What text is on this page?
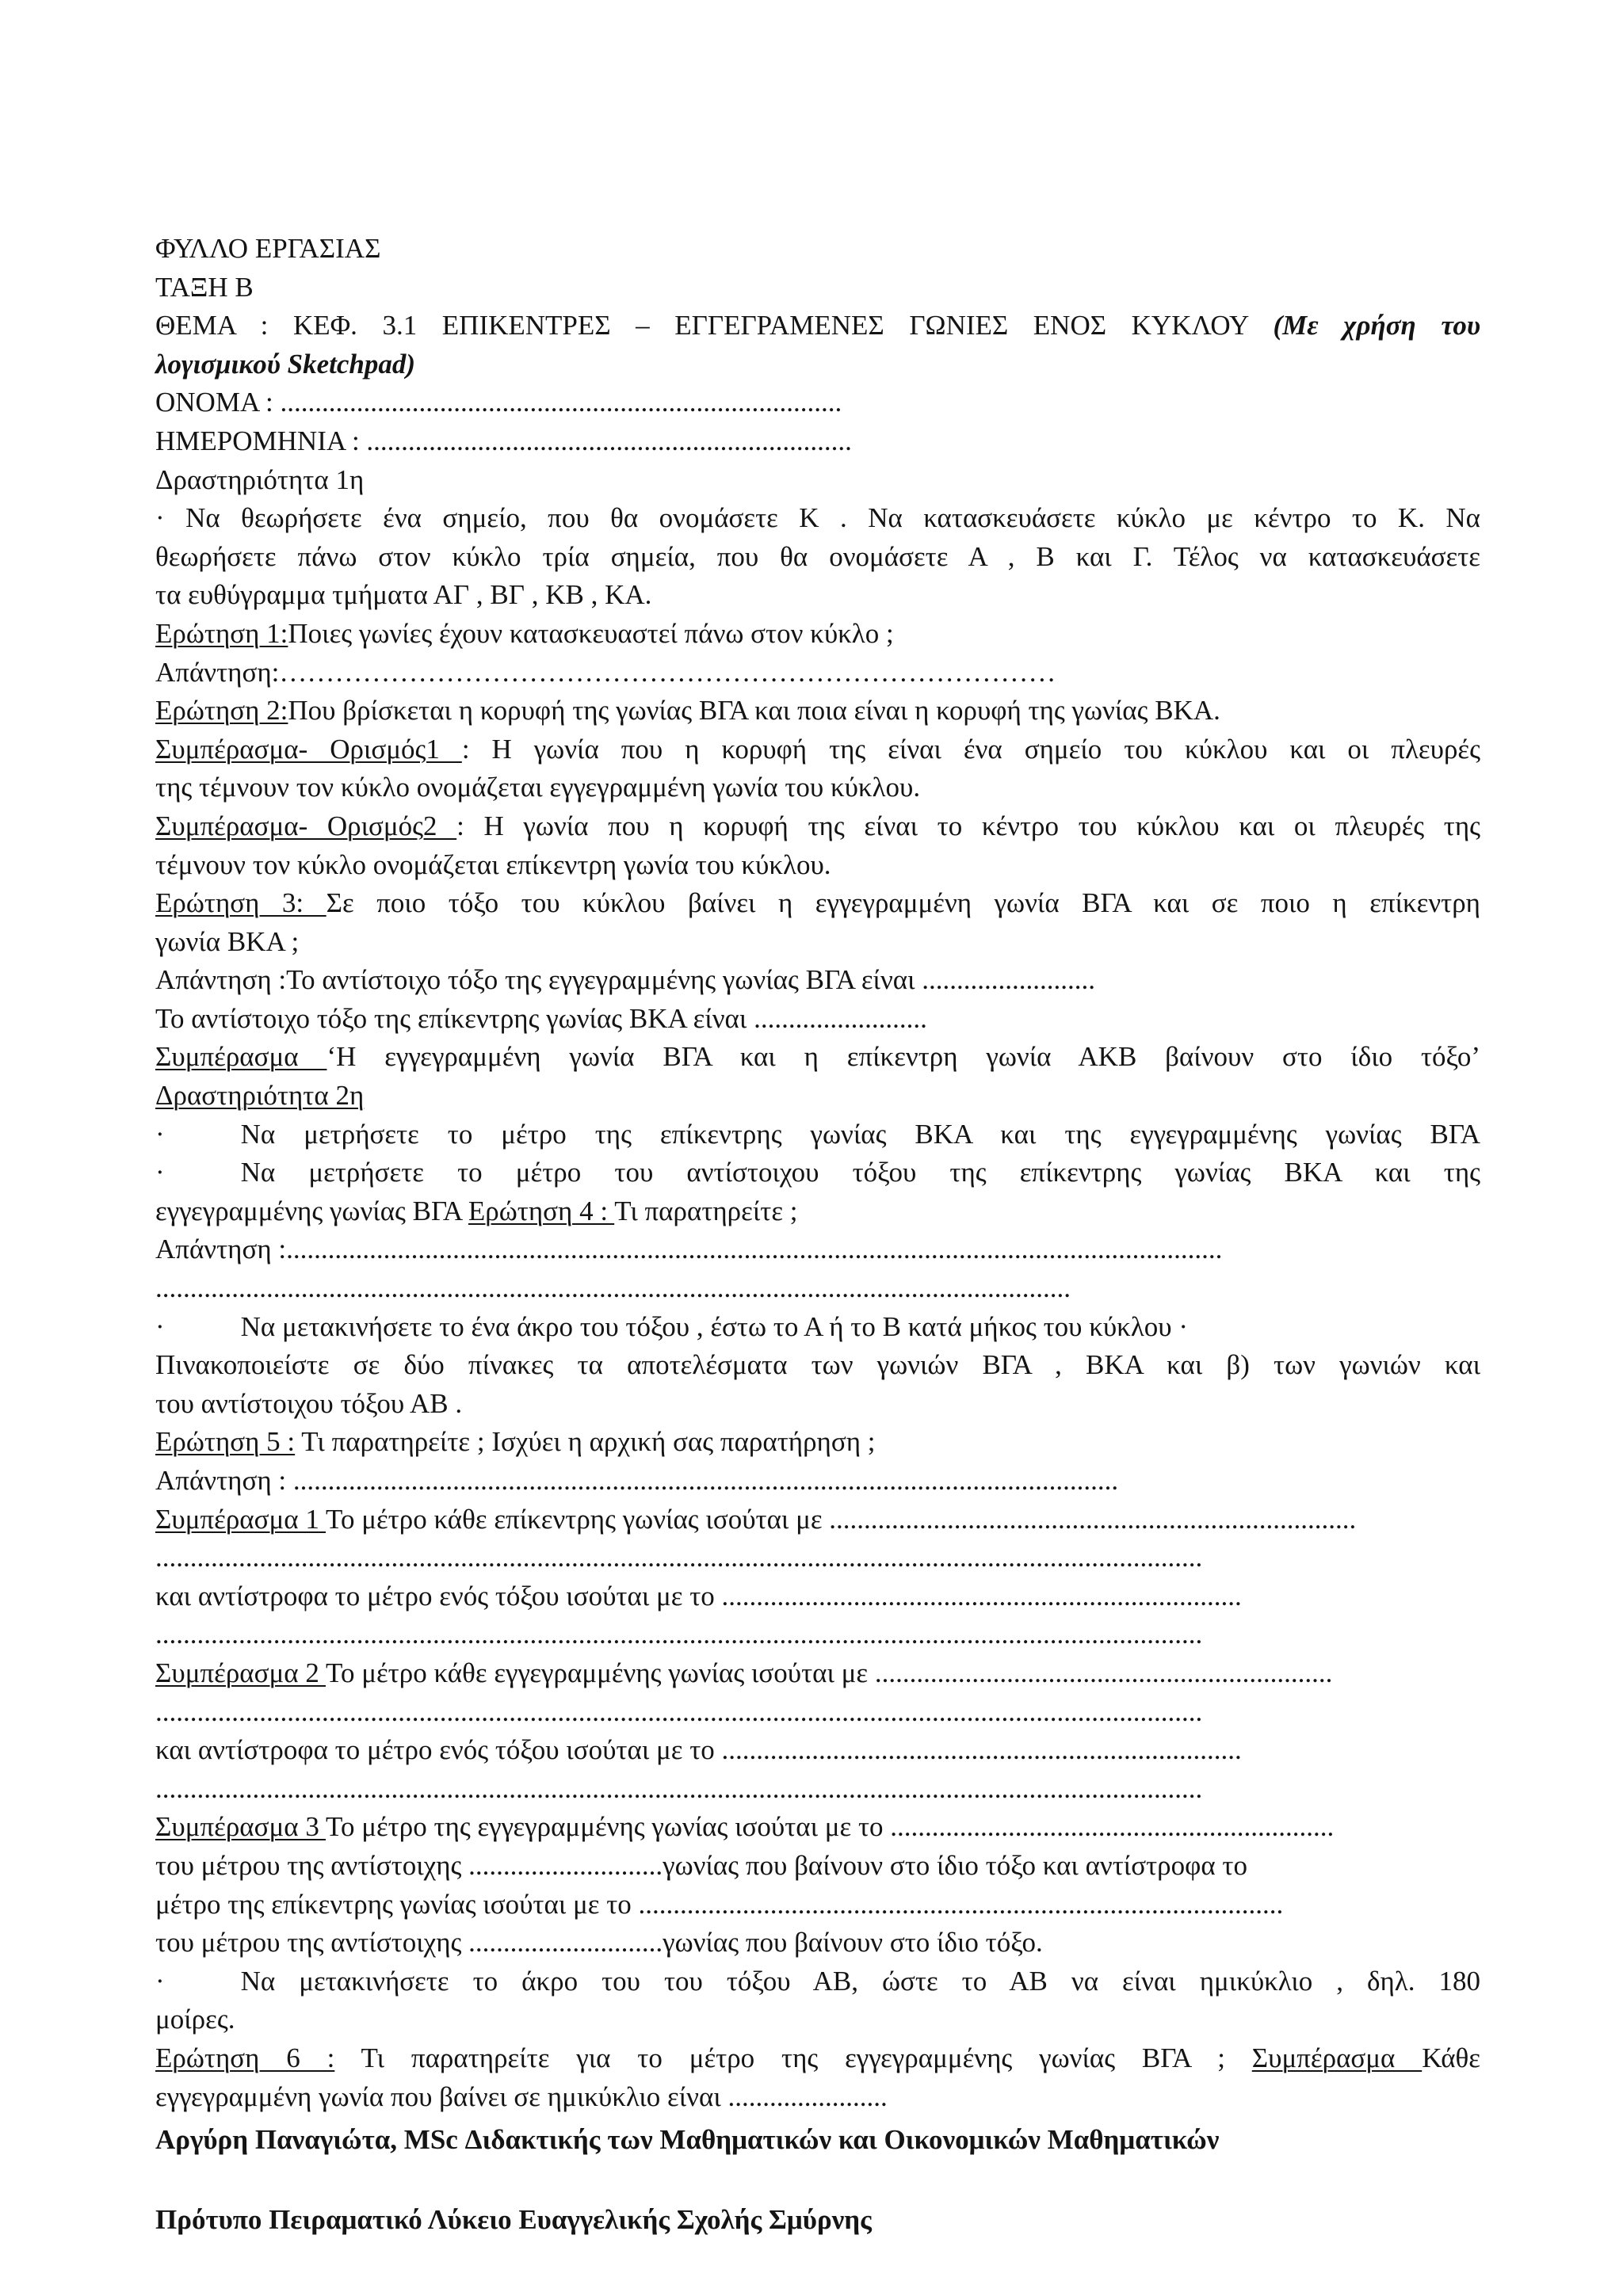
ΦΥΛΛΟ ΕΡΓΑΣΙΑΣ
ΤΑΞΗ Β
ΘΕΜΑ : ΚΕΦ. 3.1 ΕΠΙΚΕΝΤΡΕΣ – ΕΓΓΕΓΡΑΜΕΝΕΣ ΓΩΝΙΕΣ ΕΝΟΣ ΚΥΚΛΟΥ (Με χρήση του
λογισμικού Sketchpad)
ΟΝΟΜΑ : .................................................................................
ΗΜΕΡΟΜΗΝΙΑ : ......................................................................
Δραστηριότητα 1η
· Να θεωρήσετε ένα σημείο, που θα ονομάσετε Κ . Να κατασκευάσετε κύκλο με κέντρο το Κ. Να
θεωρήσετε πάνω στον κύκλο τρία σημεία, που θα ονομάσετε Α , Β και Γ. Τέλος να κατασκευάσετε
τα ευθύγραμμα τμήματα ΑΓ , ΒΓ , ΚΒ , ΚΑ.
Ερώτηση 1:Ποιες γωνίες έχουν κατασκευαστεί πάνω στον κύκλο ;
Απάντηση:…………………………………………………………………………
Ερώτηση 2:Που βρίσκεται η κορυφή της γωνίας ΒΓΑ και ποια είναι η κορυφή της γωνίας ΒΚΑ.
Συμπέρασμα- Ορισμός1 : Η γωνία που η κορυφή της είναι ένα σημείο του κύκλου και οι πλευρές
της τέμνουν τον κύκλο ονομάζεται εγγεγραμμένη γωνία του κύκλου.
Συμπέρασμα- Ορισμός2 : Η γωνία που η κορυφή της είναι το κέντρο του κύκλου και οι πλευρές της
τέμνουν τον κύκλο ονομάζεται επίκεντρη γωνία του κύκλου.
Ερώτηση 3: Σε ποιο τόξο του κύκλου βαίνει η εγγεγραμμένη γωνία ΒΓΑ και σε ποιο η επίκεντρη
γωνία ΒΚΑ ;
Απάντηση :Το αντίστοιχο τόξο της εγγεγραμμένης γωνίας ΒΓΑ είναι .........................
Το αντίστοιχο τόξο της επίκεντρης γωνίας ΒΚΑ είναι .........................
Συμπέρασμα ‘Η εγγεγραμμένη γωνία ΒΓΑ και η επίκεντρη γωνία ΑΚΒ βαίνουν στο ίδιο τόξο’
Δραστηριότητα 2η
·	Να μετρήσετε το μέτρο της επίκεντρης γωνίας ΒΚΑ και της εγγεγραμμένης γωνίας ΒΓΑ
·	Να μετρήσετε το μέτρο του αντίστοιχου τόξου της επίκεντρης γωνίας ΒΚΑ και της
εγγεγραμμένης γωνίας ΒΓΑ Ερώτηση 4 : Τι παρατηρείτε ;
Απάντηση :.......................................................................................................................................
....................................................................................................................................
·	Να μετακινήσετε το ένα άκρο του τόξου , έστω το Α ή το Β κατά μήκος του κύκλου ·
Πινακοποιείστε σε δύο πίνακες τα αποτελέσματα των γωνιών ΒΓΑ , ΒΚΑ και β) των γωνιών και
του αντίστοιχου τόξου ΑΒ .
Ερώτηση 5 : Τι παρατηρείτε ; Ισχύει η αρχική σας παρατήρηση ;
Απάντηση : .......................................................................................................................
Συμπέρασμα 1 Το μέτρο κάθε επίκεντρης γωνίας ισούται με ............................................................................
.......................................................................................................................................................
και αντίστροφα το μέτρο ενός τόξου ισούται με το ...........................................................................
.......................................................................................................................................................
Συμπέρασμα 2 Το μέτρο κάθε εγγεγραμμένης γωνίας ισούται με ..................................................................
.......................................................................................................................................................
και αντίστροφα το μέτρο ενός τόξου ισούται με το ...........................................................................
.......................................................................................................................................................
Συμπέρασμα 3 Το μέτρο της εγγεγραμμένης γωνίας ισούται με το ................................................................
του μέτρου της αντίστοιχης ............................γωνίας που βαίνουν στο ίδιο τόξο και αντίστροφα το
μέτρο της επίκεντρης γωνίας ισούται με το .............................................................................................
του μέτρου της αντίστοιχης ............................γωνίας που βαίνουν στο ίδιο τόξο.
·	Να μετακινήσετε το άκρο του του τόξου ΑΒ, ώστε το ΑΒ να είναι ημικύκλιο , δηλ. 180
μοίρες.
Ερώτηση 6 : Τι παρατηρείτε για το μέτρο της εγγεγραμμένης γωνίας ΒΓΑ ; Συμπέρασμα Κάθε
εγγεγραμμένη γωνία που βαίνει σε ημικύκλιο είναι .......................
Αργύρη Παναγιώτα, MSc Διδακτικής των Μαθηματικών και Οικονομικών Μαθηματικών
Πρότυπο Πειραματικό Λύκειο Ευαγγελικής Σχολής Σμύρνης
